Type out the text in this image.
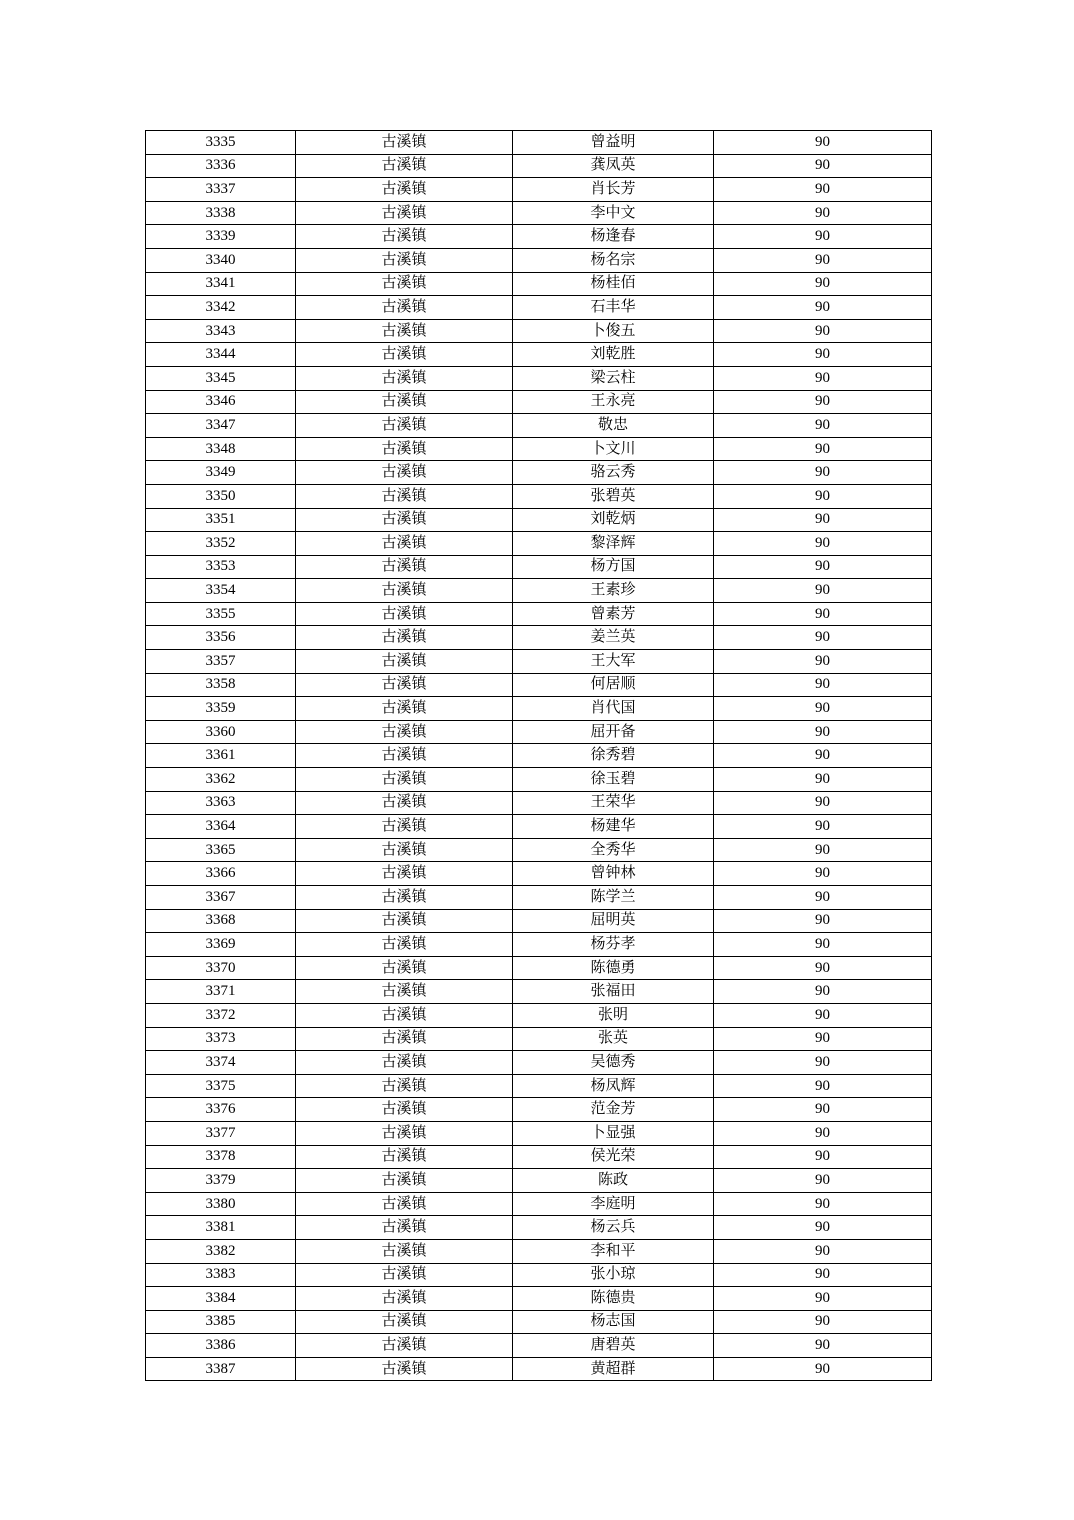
3335	古溪镇	曾益明	90
3336	古溪镇	龚凤英	90
3337	古溪镇	肖长芳	90
3338	古溪镇	李中文	90
3339	古溪镇	杨逢春	90
3340	古溪镇	杨名宗	90
3341	古溪镇	杨桂佰	90
3342	古溪镇	石丰华	90
3343	古溪镇	卜俊五	90
3344	古溪镇	刘乾胜	90
3345	古溪镇	梁云柱	90
3346	古溪镇	王永亮	90
3347	古溪镇	敬忠	90
3348	古溪镇	卜文川	90
3349	古溪镇	骆云秀	90
3350	古溪镇	张碧英	90
3351	古溪镇	刘乾炳	90
3352	古溪镇	黎泽辉	90
3353	古溪镇	杨方国	90
3354	古溪镇	王素珍	90
3355	古溪镇	曾素芳	90
3356	古溪镇	姜兰英	90
3357	古溪镇	王大军	90
3358	古溪镇	何居顺	90
3359	古溪镇	肖代国	90
3360	古溪镇	屈开备	90
3361	古溪镇	徐秀碧	90
3362	古溪镇	徐玉碧	90
3363	古溪镇	王荣华	90
3364	古溪镇	杨建华	90
3365	古溪镇	全秀华	90
3366	古溪镇	曾钟林	90
3367	古溪镇	陈学兰	90
3368	古溪镇	屈明英	90
3369	古溪镇	杨芬孝	90
3370	古溪镇	陈德勇	90
3371	古溪镇	张福田	90
3372	古溪镇	张明	90
3373	古溪镇	张英	90
3374	古溪镇	吴德秀	90
3375	古溪镇	杨凤辉	90
3376	古溪镇	范金芳	90
3377	古溪镇	卜显强	90
3378	古溪镇	侯光荣	90
3379	古溪镇	陈政	90
3380	古溪镇	李庭明	90
3381	古溪镇	杨云兵	90
3382	古溪镇	李和平	90
3383	古溪镇	张小琼	90
3384	古溪镇	陈德贵	90
3385	古溪镇	杨志国	90
3386	古溪镇	唐碧英	90
3387	古溪镇	黄超群	90
